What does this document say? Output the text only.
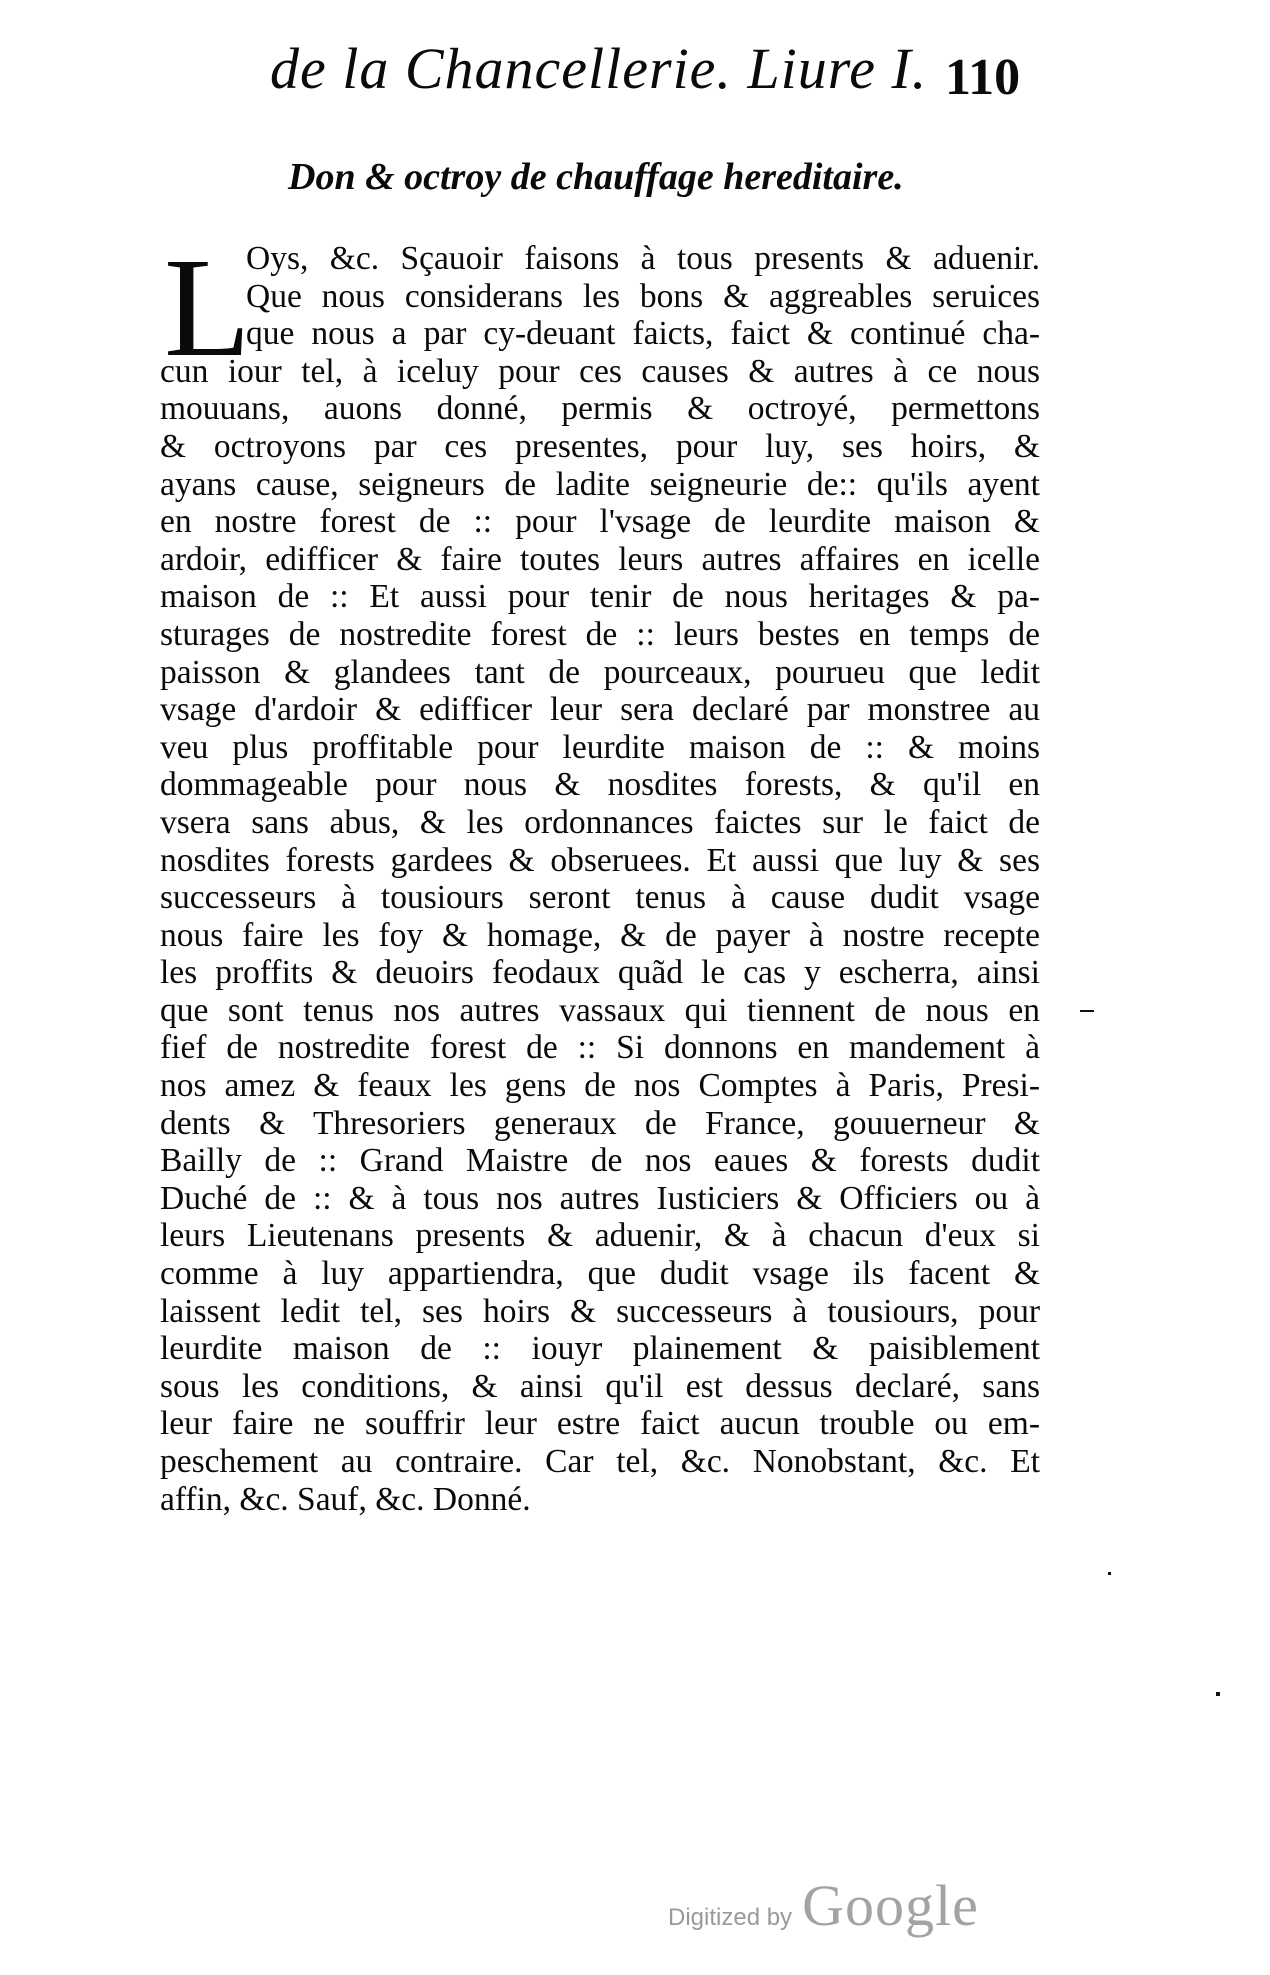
de la Chancellerie. Liure I. 110
Don & octroy de chauffage hereditaire.
L
Oys, &c. Sçauoir faisons à tous presents & aduenir.
Que nous considerans les bons & aggreables seruices
que nous a par cy-deuant faicts, faict & continué cha-
cun iour tel, à iceluy pour ces causes & autres à ce nous
mouuans, auons donné, permis & octroyé, permettons
& octroyons par ces presentes, pour luy, ses hoirs, &
ayans cause, seigneurs de ladite seigneurie de:: qu'ils ayent
en nostre forest de :: pour l'vsage de leurdite maison &
ardoir, edifficer & faire toutes leurs autres affaires en icelle
maison de :: Et aussi pour tenir de nous heritages & pa-
sturages de nostredite forest de :: leurs bestes en temps de
paisson & glandees tant de pourceaux, pourueu que ledit
vsage d'ardoir & edifficer leur sera declaré par monstree au
veu plus proffitable pour leurdite maison de :: & moins
dommageable pour nous & nosdites forests, & qu'il en
vsera sans abus, & les ordonnances faictes sur le faict de
nosdites forests gardees & obseruees. Et aussi que luy & ses
successeurs à tousiours seront tenus à cause dudit vsage
nous faire les foy & homage, & de payer à nostre recepte
les proffits & deuoirs feodaux quãd le cas y escherra, ainsi
que sont tenus nos autres vassaux qui tiennent de nous en
fief de nostredite forest de :: Si donnons en mandement à
nos amez & feaux les gens de nos Comptes à Paris, Presi-
dents & Thresoriers generaux de France, gouuerneur &
Bailly de :: Grand Maistre de nos eaues & forests dudit
Duché de :: & à tous nos autres Iusticiers & Officiers ou à
leurs Lieutenans presents & aduenir, & à chacun d'eux si
comme à luy appartiendra, que dudit vsage ils facent &
laissent ledit tel, ses hoirs & successeurs à tousiours, pour
leurdite maison de :: iouyr plainement & paisiblement
sous les conditions, & ainsi qu'il est dessus declaré, sans
leur faire ne souffrir leur estre faict aucun trouble ou em-
peschement au contraire. Car tel, &c. Nonobstant, &c. Et
affin, &c. Sauf, &c. Donné.
Digitized by Google
